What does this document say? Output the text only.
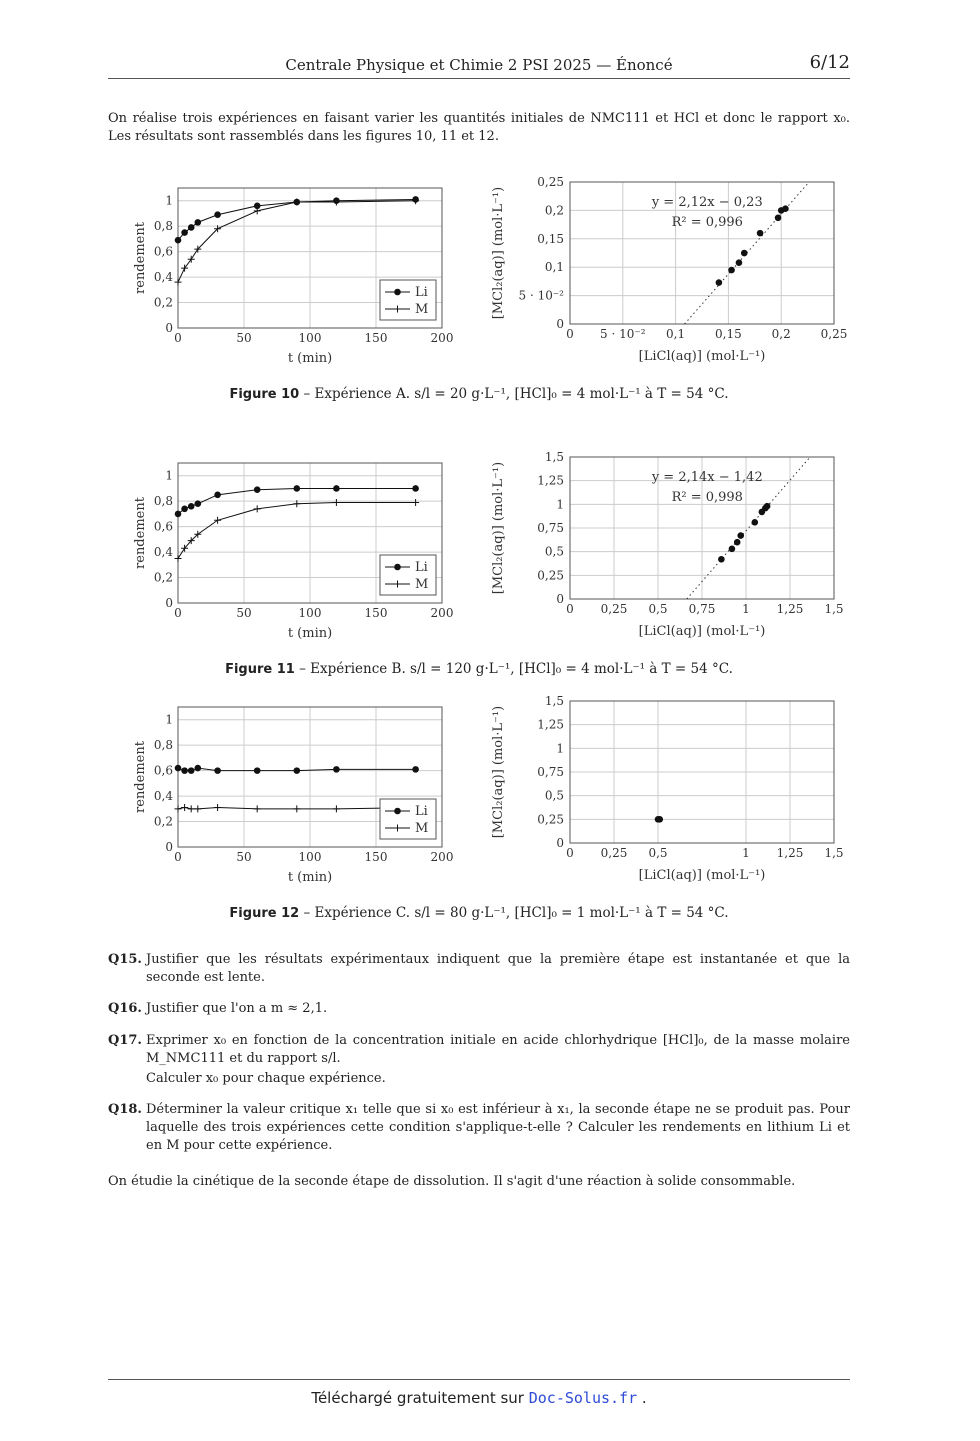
Centrale Physique et Chimie 2 PSI 2025 — Énoncé	6/12
On réalise trois expériences en faisant varier les quantités initiales de NMC111 et HCl et donc le rapport x₀. Les résultats sont rassemblés dans les figures 10, 11 et 12.
0	50	100	150	200
0
0,2
0,4
0,6
0,8
1
t (min)
rendement	Li
M
0 5 · 10⁻² 0,1 0,15 0,2 0,25
0
5 · 10⁻²
0,1
0,15
0,2
0,25
[LiCl(aq)] (mol·L⁻¹)
[MCl₂(aq)] (mol·L⁻¹)	y = 2,12x − 0,23
R² = 0,996
Figure 10 – Expérience A. s/l = 20 g·L⁻¹, [HCl]₀ = 4 mol·L⁻¹ à T = 54 °C.
0	50	100	150	200
0
0,2
0,4
0,6
0,8
1
t (min)
rendement	Li
M
0 0,25 0,5 0,75 1 1,25 1,5
0
0,25
0,5
0,75
1
1,25
1,5
[LiCl(aq)] (mol·L⁻¹)
[MCl₂(aq)] (mol·L⁻¹)	y = 2,14x − 1,42
R² = 0,998
Figure 11 – Expérience B. s/l = 120 g·L⁻¹, [HCl]₀ = 4 mol·L⁻¹ à T = 54 °C.
0	50	100	150	200
0
0,2
0,4
0,6
0,8
1
t (min)
rendement	Li
M
0 0,25 0,5	1 1,25 1,5
0
0,25
0,5
0,75
1
1,25
1,5
[LiCl(aq)] (mol·L⁻¹)
[MCl₂(aq)] (mol·L⁻¹)
Figure 12 – Expérience C. s/l = 80 g·L⁻¹, [HCl]₀ = 1 mol·L⁻¹ à T = 54 °C.
Q15. Justifier que les résultats expérimentaux indiquent que la première étape est instantanée et que la seconde est lente.
Q16. Justifier que l'on a m ≈ 2,1.
Q17. Exprimer x₀ en fonction de la concentration initiale en acide chlorhydrique [HCl]₀, de la masse molaire M_NMC111 et du rapport s/l.
Calculer x₀ pour chaque expérience.
Q18. Déterminer la valeur critique x₁ telle que si x₀ est inférieur à x₁, la seconde étape ne se produit pas. Pour laquelle des trois expériences cette condition s'applique-t-elle ? Calculer les rendements en lithium Li et en M pour cette expérience.
On étudie la cinétique de la seconde étape de dissolution. Il s'agit d'une réaction à solide consommable.
Téléchargé gratuitement sur Doc-Solus.fr .
